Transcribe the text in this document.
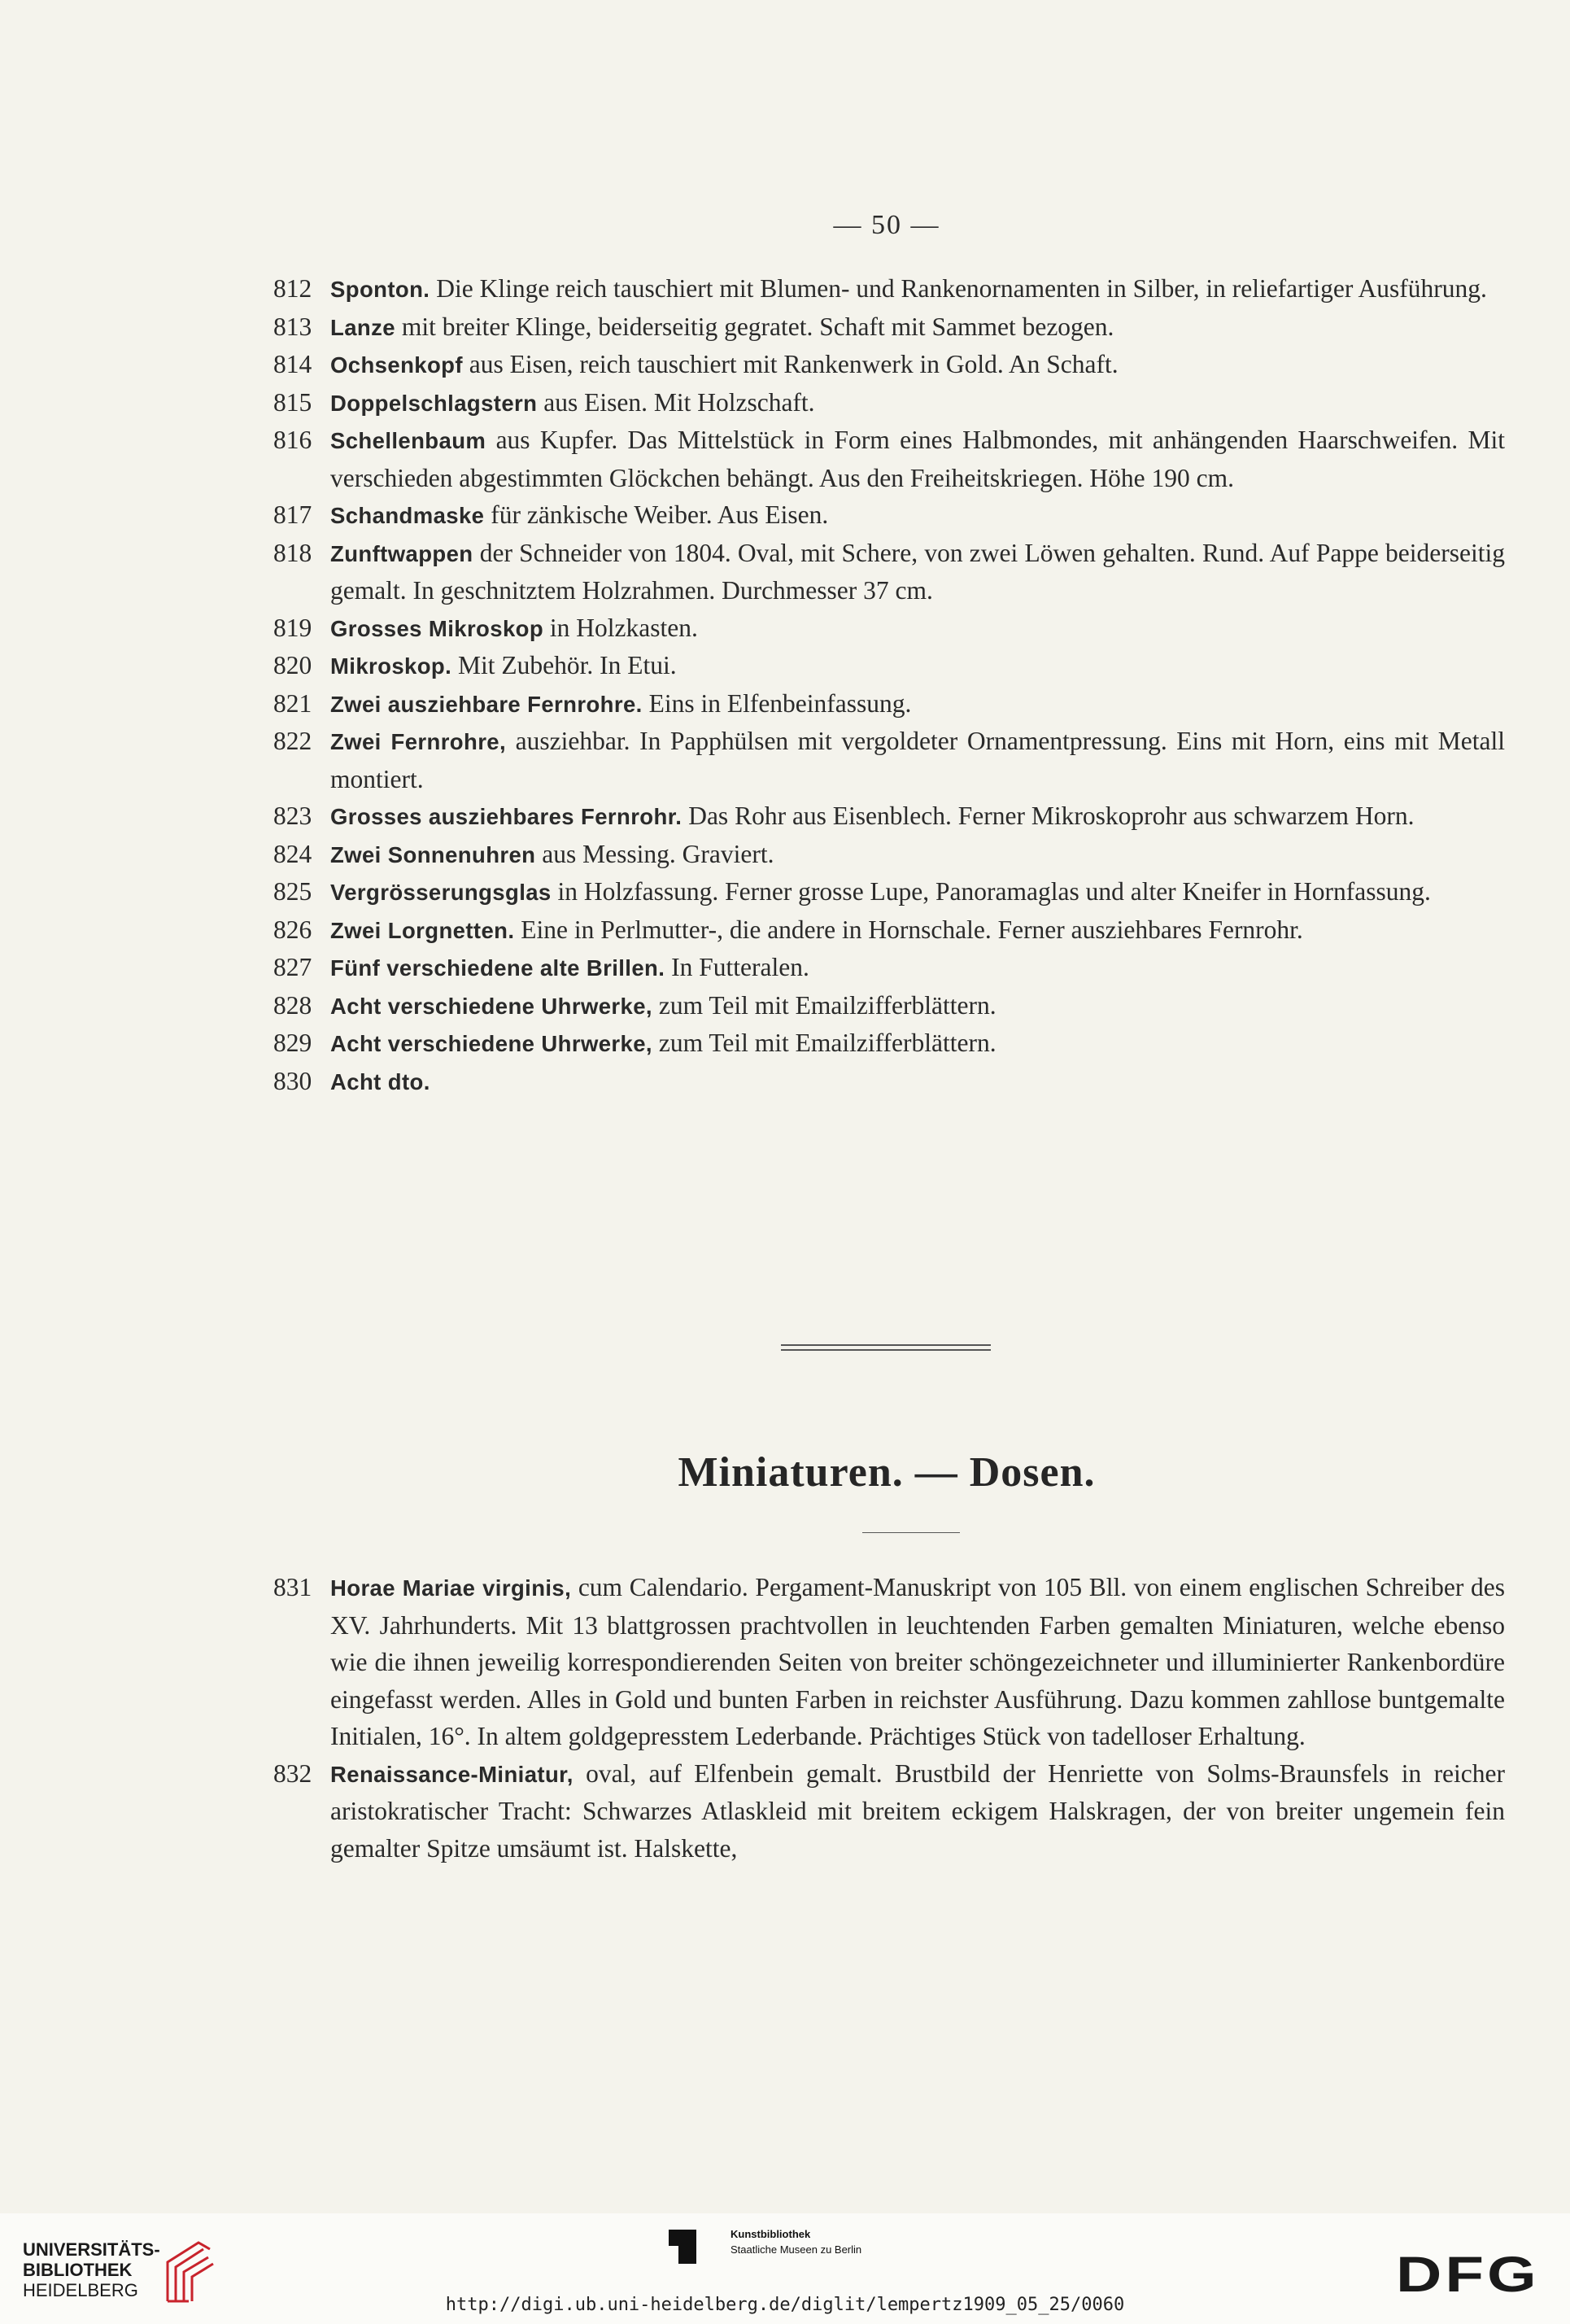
— 50 —
812 Sponton. Die Klinge reich tauschiert mit Blumen- und Rankenornamenten in Silber, in reliefartiger Ausführung.
813 Lanze mit breiter Klinge, beiderseitig gegratet. Schaft mit Sammet bezogen.
814 Ochsenkopf aus Eisen, reich tauschiert mit Rankenwerk in Gold. An Schaft.
815 Doppelschlagstern aus Eisen. Mit Holzschaft.
816 Schellenbaum aus Kupfer. Das Mittelstück in Form eines Halbmondes, mit anhängenden Haarschweifen. Mit verschieden abgestimmten Glöckchen behängt. Aus den Freiheitskriegen. Höhe 190 cm.
817 Schandmaske für zänkische Weiber. Aus Eisen.
818 Zunftwappen der Schneider von 1804. Oval, mit Schere, von zwei Löwen gehalten. Rund. Auf Pappe beiderseitig gemalt. In geschnitztem Holzrahmen. Durchmesser 37 cm.
819 Grosses Mikroskop in Holzkasten.
820 Mikroskop. Mit Zubehör. In Etui.
821 Zwei ausziehbare Fernrohre. Eins in Elfenbeinfassung.
822 Zwei Fernrohre, ausziehbar. In Papphülsen mit vergoldeter Ornamentpressung. Eins mit Horn, eins mit Metall montiert.
823 Grosses ausziehbares Fernrohr. Das Rohr aus Eisenblech. Ferner Mikroskoprohr aus schwarzem Horn.
824 Zwei Sonnenuhren aus Messing. Graviert.
825 Vergrösserungsglas in Holzfassung. Ferner grosse Lupe, Panoramaglas und alter Kneifer in Hornfassung.
826 Zwei Lorgnetten. Eine in Perlmutter-, die andere in Hornschale. Ferner ausziehbares Fernrohr.
827 Fünf verschiedene alte Brillen. In Futteralen.
828 Acht verschiedene Uhrwerke, zum Teil mit Emailzifferblättern.
829 Acht verschiedene Uhrwerke, zum Teil mit Emailzifferblättern.
830 Acht dto.
Miniaturen. — Dosen.
831 Horae Mariae virginis, cum Calendario. Pergament-Manuskript von 105 Bll. von einem englischen Schreiber des XV. Jahrhunderts. Mit 13 blattgrossen prachtvollen in leuchtenden Farben gemalten Miniaturen, welche ebenso wie die ihnen jeweilig korrespondierenden Seiten von breiter schöngezeichneter und illuminierter Rankenbordüre eingefasst werden. Alles in Gold und bunten Farben in reichster Ausführung. Dazu kommen zahllose buntgemalte Initialen, 16°. In altem goldgepresstem Lederbande. Prächtiges Stück von tadelloser Erhaltung.
832 Renaissance-Miniatur, oval, auf Elfenbein gemalt. Brustbild der Henriette von Solms-Braunsfels in reicher aristokratischer Tracht: Schwarzes Atlaskleid mit breitem eckigem Halskragen, der von breiter ungemein fein gemalter Spitze umsäumt ist. Halskette,
UNIVERSITÄTS-
BIBLIOTHEK
HEIDELBERG
Kunstbibliothek
Staatliche Museen zu Berlin	DFG
http://digi.ub.uni-heidelberg.de/diglit/lempertz1909_05_25/0060
